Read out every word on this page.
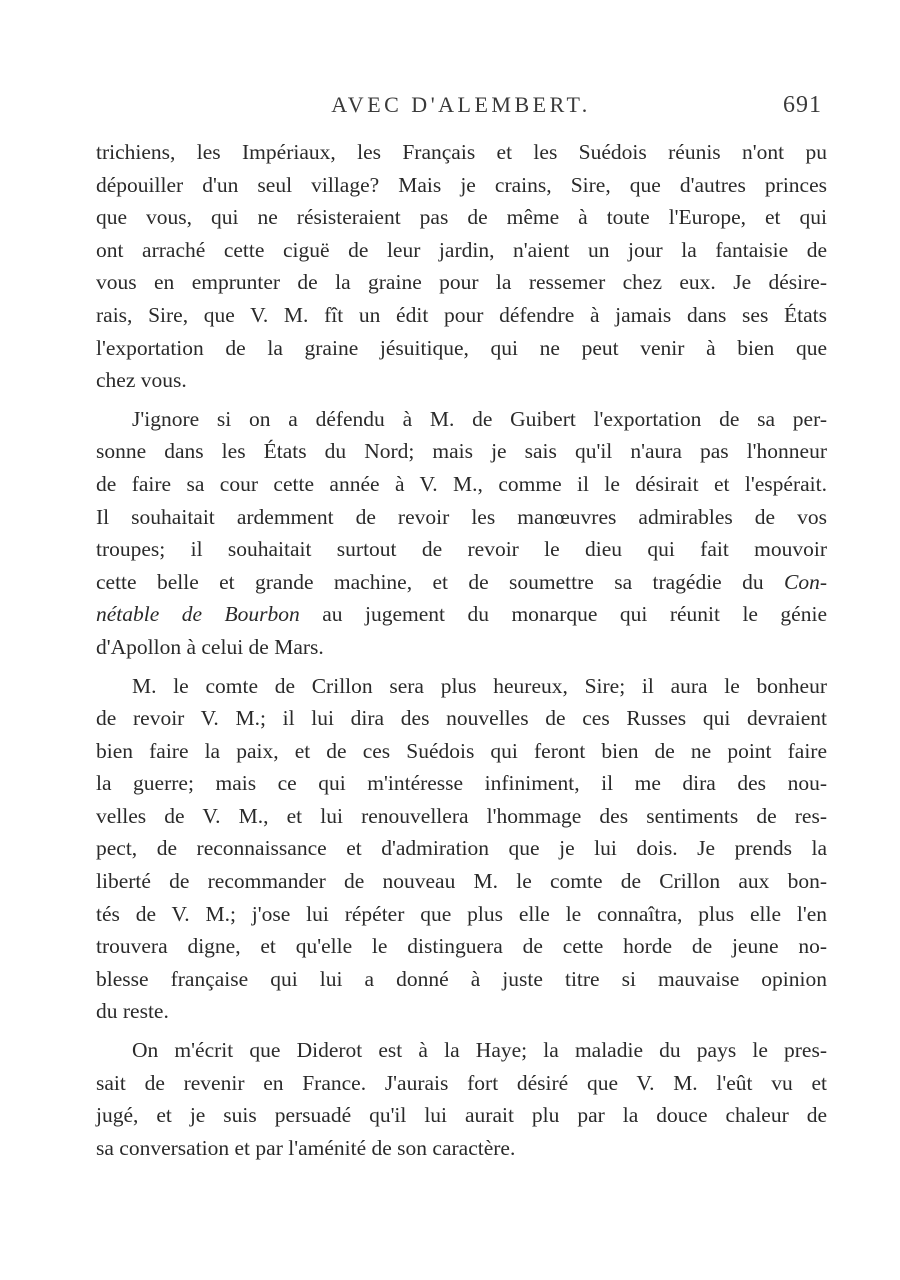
AVEC D'ALEMBERT.	691
trichiens, les Impériaux, les Français et les Suédois réunis n'ont pu
dépouiller d'un seul village? Mais je crains, Sire, que d'autres princes
que vous, qui ne résisteraient pas de même à toute l'Europe, et qui
ont arraché cette ciguë de leur jardin, n'aient un jour la fantaisie de
vous en emprunter de la graine pour la ressemer chez eux. Je désire-
rais, Sire, que V. M. fît un édit pour défendre à jamais dans ses États
l'exportation de la graine jésuitique, qui ne peut venir à bien que
chez vous.
J'ignore si on a défendu à M. de Guibert l'exportation de sa per-
sonne dans les États du Nord; mais je sais qu'il n'aura pas l'honneur
de faire sa cour cette année à V. M., comme il le désirait et l'espérait.
Il souhaitait ardemment de revoir les manœuvres admirables de vos
troupes; il souhaitait surtout de revoir le dieu qui fait mouvoir
cette belle et grande machine, et de soumettre sa tragédie du Con-
nétable de Bourbon au jugement du monarque qui réunit le génie
d'Apollon à celui de Mars.
M. le comte de Crillon sera plus heureux, Sire; il aura le bonheur
de revoir V. M.; il lui dira des nouvelles de ces Russes qui devraient
bien faire la paix, et de ces Suédois qui feront bien de ne point faire
la guerre; mais ce qui m'intéresse infiniment, il me dira des nou-
velles de V. M., et lui renouvellera l'hommage des sentiments de res-
pect, de reconnaissance et d'admiration que je lui dois. Je prends la
liberté de recommander de nouveau M. le comte de Crillon aux bon-
tés de V. M.; j'ose lui répéter que plus elle le connaîtra, plus elle l'en
trouvera digne, et qu'elle le distinguera de cette horde de jeune no-
blesse française qui lui a donné à juste titre si mauvaise opinion
du reste.
On m'écrit que Diderot est à la Haye; la maladie du pays le pres-
sait de revenir en France. J'aurais fort désiré que V. M. l'eût vu et
jugé, et je suis persuadé qu'il lui aurait plu par la douce chaleur de
sa conversation et par l'aménité de son caractère.
